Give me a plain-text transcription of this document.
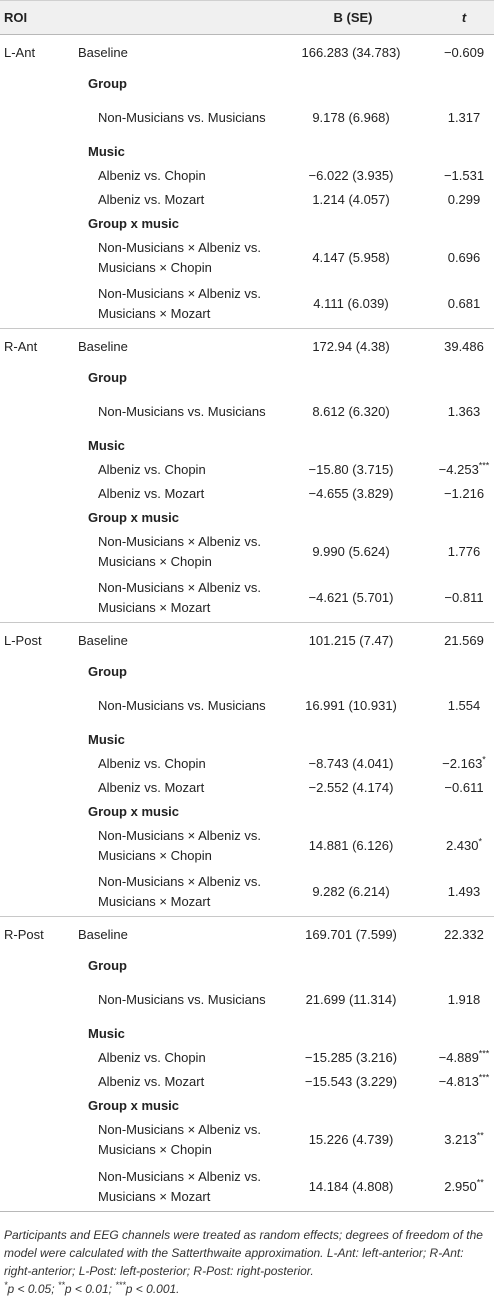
ROI		B (SE)	t
L-Ant	Baseline	166.283 (34.783)	−0.609
	Group		
	Non-Musicians vs. Musicians	9.178 (6.968)	1.317
	Music		
	Albeniz vs. Chopin	−6.022 (3.935)	−1.531
	Albeniz vs. Mozart	1.214 (4.057)	0.299
	Group x music		
	Non-Musicians × Albeniz vs. Musicians × Chopin	4.147 (5.958)	0.696
	Non-Musicians × Albeniz vs. Musicians × Mozart	4.111 (6.039)	0.681
R-Ant	Baseline	172.94 (4.38)	39.486
	Group		
	Non-Musicians vs. Musicians	8.612 (6.320)	1.363
	Music		
	Albeniz vs. Chopin	−15.80 (3.715)	−4.253***
	Albeniz vs. Mozart	−4.655 (3.829)	−1.216
	Group x music		
	Non-Musicians × Albeniz vs. Musicians × Chopin	9.990 (5.624)	1.776
	Non-Musicians × Albeniz vs. Musicians × Mozart	−4.621 (5.701)	−0.811
L-Post	Baseline	101.215 (7.47)	21.569
	Group		
	Non-Musicians vs. Musicians	16.991 (10.931)	1.554
	Music		
	Albeniz vs. Chopin	−8.743 (4.041)	−2.163*
	Albeniz vs. Mozart	−2.552 (4.174)	−0.611
	Group x music		
	Non-Musicians × Albeniz vs. Musicians × Chopin	14.881 (6.126)	2.430*
	Non-Musicians × Albeniz vs. Musicians × Mozart	9.282 (6.214)	1.493
R-Post	Baseline	169.701 (7.599)	22.332
	Group		
	Non-Musicians vs. Musicians	21.699 (11.314)	1.918
	Music		
	Albeniz vs. Chopin	−15.285 (3.216)	−4.889***
	Albeniz vs. Mozart	−15.543 (3.229)	−4.813***
	Group x music		
	Non-Musicians × Albeniz vs. Musicians × Chopin	15.226 (4.739)	3.213**
	Non-Musicians × Albeniz vs. Musicians × Mozart	14.184 (4.808)	2.950**
Participants and EEG channels were treated as random effects; degrees of freedom of the model were calculated with the Satterthwaite approximation. L-Ant: left-anterior; R-Ant: right-anterior; L-Post: left-posterior; R-Post: right-posterior.
*p < 0.05; **p < 0.01; ***p < 0.001.
